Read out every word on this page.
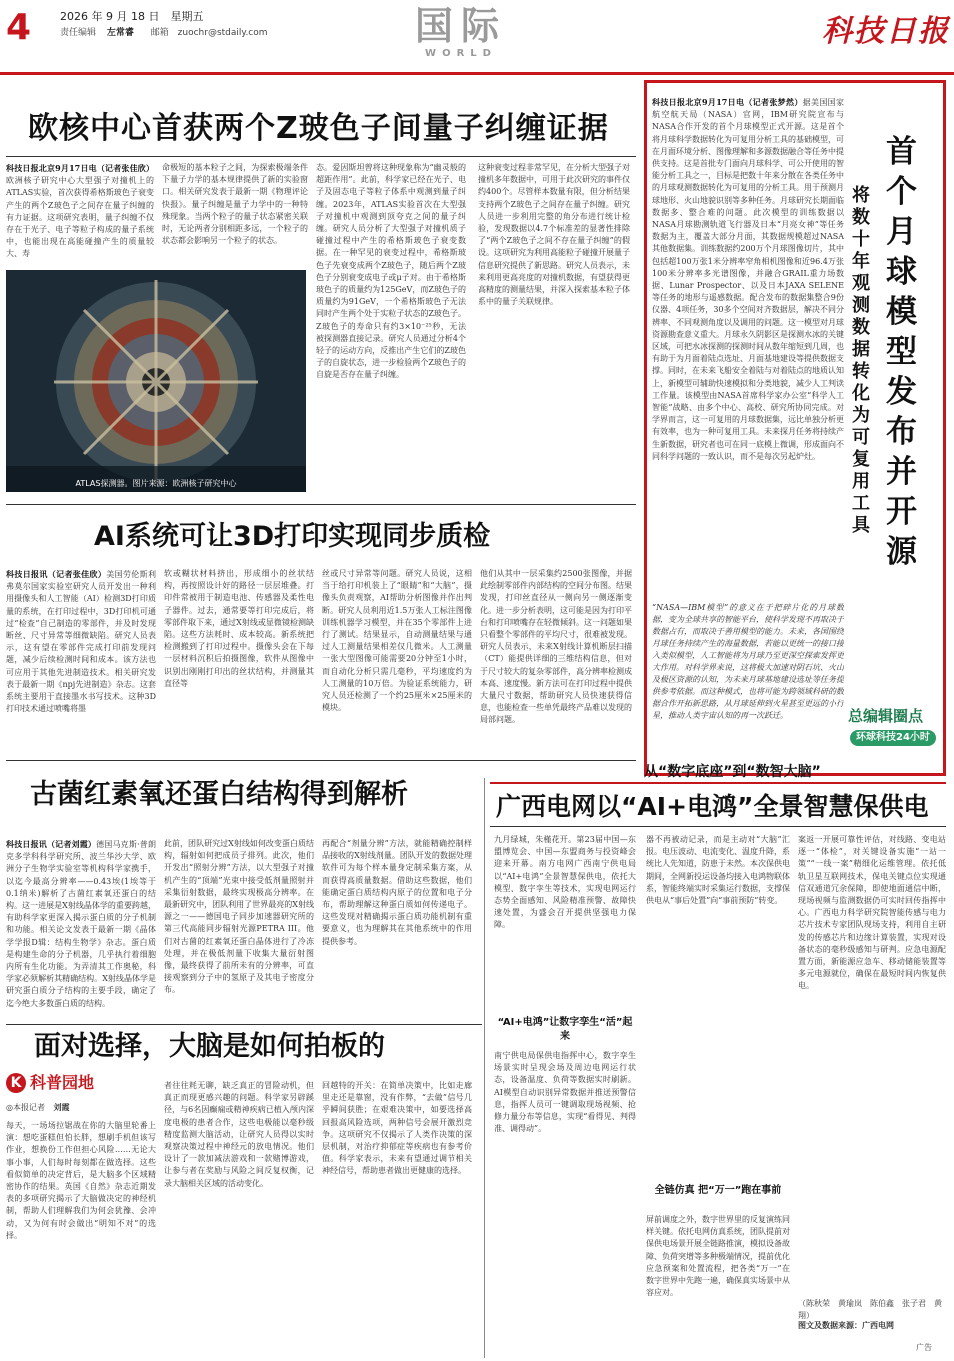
4	2026 年 9 月 18 日　星期五
责任编辑 左常睿 邮箱 zuochr@stdaily.com	国际
WORLD
科技日报
欧核中心首获两个Z玻色子间量子纠缠证据
科技日报北京9月17日电（记者张佳欣）欧洲核子研究中心大型强子对撞机上的ATLAS实验，首次获得希格斯玻色子衰变产生的两个Z玻色子之间存在量子纠缠的有力证据。这项研究表明，量子纠缠不仅存在于光子、电子等粒子构成的量子系统中，也能出现在高能碰撞产生的质量较大、寿
命极短的基本粒子之间，为探索极端条件下量子力学的基本规律提供了新的实验窗口。相关研究发表于最新一期《物理评论快报》。量子纠缠是量子力学中的一种特殊现象。当两个粒子的量子状态紧密关联时，无论两者分别相距多远，一个粒子的状态都会影响另一个粒子的状态。
ATLAS探测器。图片来源：欧洲核子研究中心
态。爱因斯坦曾将这种现象称为“幽灵般的超距作用”。此前，科学家已经在光子、电子及固态电子等粒子体系中观测到量子纠缠。2023年，ATLAS实验首次在大型强子对撞机中观测到顶夸克之间的量子纠缠。研究人员分析了大型强子对撞机质子碰撞过程中产生的希格斯玻色子衰变数据。在一种罕见的衰变过程中，希格斯玻色子先衰变成两个Z玻色子，随后两个Z玻色子分别衰变成电子或μ子对。由于希格斯玻色子的质量约为125GeV，而Z玻色子的质量约为91GeV，一个希格斯玻色子无法同时产生两个处于实粒子状态的Z玻色子。Z玻色子的寿命只有约3×10⁻²⁵秒，无法被探测器直接记录。研究人员通过分析4个轻子的运动方向，反推出产生它们的Z玻色子的自旋状态，进一步检验两个Z玻色子的自旋是否存在量子纠缠。
这种衰变过程非常罕见，在分析大型强子对撞机多年数据中，可用于此次研究的事件仅约400个。尽管样本数量有限，但分析结果支持两个Z玻色子之间存在量子纠缠。研究人员进一步利用完整的角分布进行统计检验，发现数据以4.7个标准差的显著性排除了“两个Z玻色子之间不存在量子纠缠”的假设。这项研究为利用高能粒子碰撞开展量子信息研究提供了新思路。研究人员表示，未来利用更高亮度的对撞机数据，有望获得更高精度的测量结果，并深入探索基本粒子体系中的量子关联规律。
AI系统可让3D打印实现同步质检
科技日报讯（记者张佳欣）美国劳伦斯利弗莫尔国家实验室研究人员开发出一种利用摄像头和人工智能（AI）检测3D打印质量的系统，在打印过程中，3D打印机可通过“检查”自己制造的零部件，并及时发现断丝、尺寸异常等细微缺陷。研究人员表示，这有望在零部件完成打印前发现问题，减少后续检测时间和成本。该方法也可应用于其他先进制造技术。相关研究发表于最新一期《npj先进制造》杂志。这套系统主要用于直接墨水书写技术。这种3D打印技术通过喷嘴将墨
软或糊状材料挤出，形成细小的丝状结构，再按照设计好的路径一层层堆叠。打印件常被用于制造电池、传感器及柔性电子器件。过去，通常要等打印完成后，将零部件取下来，通过X射线或显微镜检测缺陷。这些方法耗时、成本较高。新系统把检测搬到了打印过程中。摄像头会在下每一层材料沉积后拍摄图像，软件从图像中识别出刚刚打印出的丝状结构，并测量其直径等
丝或尺寸异常等问题。研究人员说，这相当于给打印机装上了“眼睛”和“大脑”，摄像头负责观察，AI帮助分析图像并作出判断。研究人员利用近1.5万张人工标注图像训练机器学习模型，并在35个零部件上进行了测试。结果显示，自动测量结果与通过人工测量结果相差仅几微米。人工测量一张大型图像可能需要20分钟至1小时，而自动化分析只需几毫秒，平均速度约为人工测量的10万倍。为验证系统能力，研究人员还检测了一个约25厘米×25厘米的模块。
他们从其中一层采集约2500张图像，并据此绘制零部件内部结构的空间分布图。结果发现，打印丝直径从一侧向另一侧逐渐变化。进一步分析表明，这可能是因为打印平台和打印喷嘴存在轻微倾斜。这一问题如果只看整个零部件的平均尺寸，很难被发现。研究人员表示，未来X射线计算机断层扫描（CT）能提供详细的三维结构信息，但对于尺寸较大的复杂零部件，高分辨率检测成本高、速度慢。新方法可在打印过程中提供大量尺寸数据，帮助研究人员快速获得信息，也能检查一些单凭最终产品难以发现的局部问题。
科技日报北京9月17日电（记者张梦然）据美国国家航空航天局（NASA）官网，IBM研究院宣布与NASA合作开发的首个月球模型正式开源。这是首个将月球科学数据转化为可复用分析工具的基础模型，可在月面环境分析、图像理解和多源数据融合等任务中提供支持。这是首批专门面向月球科学、可公开使用的智能分析工具之一，目标是把数十年来分散在各类任务中的月球观测数据转化为可复用的分析工具。用于预测月球地形、火山地貌识别等多种任务。月球研究长期面临数据多、整合难的问题。此次模型的训练数据以NASA月球勘测轨道飞行器及日本“月亮女神”等任务数据为主，覆盖大部分月面，其数据规模超过NASA其他数据集。训练数据约200万个月球图像切片，其中包括超100万张1米分辨率窄角相机图像和近96.4万张100米分辨率多光谱图像，并融合GRAIL重力场数据、Lunar Prospector、以及日本JAXA SELENE等任务的地形与遥感数据。配合发布的数据集整合9份仪器、4项任务，30多个空间对齐数据层，解决不同分辨率、不同观测角度以及调用的问题。这一模型对月球资源勘查意义重大。月球永久阴影区是探测水冰的关键区域，可把水冰探测的探测时间从数年缩短到几周，也有助于为月面着陆点选址、月面基地建设等提供数据支撑。同时，在未来飞船安全着陆与对着陆点的地质认知上，新模型可辅助快速模拟和分类地貌，减少人工判读工作量。该模型由NASA首席科学家办公室“科学人工智能”战略、由多个中心、高校、研究所协同完成。对学界而言，这一可复用的月球数据集，远比单独分析更有效率，也为一种可复用工具。未来探月任务将持续产生新数据，研究者也可在同一底模上微调，形成面向不同科学问题的一致认识，而不是每次另起炉灶。
首
个
月
球
模
型
发
布
并
开
源
将
数
十
年
观
测
数
据
转
化
为
可
复
用
工
具
“NASA—IBM模型”的意义在于把碎片化的月球数据，变为全球共享的智能平台，使科学发现不再取决于数据占有，而取决于善用模型的能力。未来，各国围绕月球任务持续产生的海量数据，若能以更统一的接口接入类似模型，人工智能将为月球乃至更深空探索发挥更大作用。对科学界来说，这将极大加速对阴石坑、火山及极区资源的认知，为未来月球基地建设选址等任务提供参考依据。而这种模式，也将可能为跨领域科研的数据合作开拓新思路，从月球延伸到火星甚至更远的小行星，推动人类宇宙认知的再一次跃迁。	总编辑圈点
环球科技24小时
古菌红素氧还蛋白结构得到解析
科技日报讯（记者刘霞）德国马克斯·普朗克多学科科学研究所、波兰华沙大学、欧洲分子生物学实验室等机构科学家携手，以迄今最高分辨率——0.43埃(1埃等于0.1纳米)解析了古菌红素氧还蛋白的结构。这一进展是X射线晶体学的重要跨越，有助科学家更深入揭示蛋白质的分子机制和功能。相关论文发表于最新一期《晶体学学报D辑：结构生物学》杂志。蛋白质是构建生命的分子机器，几乎执行着细胞内所有生化功能。为弄清其工作奥秘，科学家必须解析其精确结构。X射线晶体学是研究蛋白质分子结构的主要手段，确定了迄今绝大多数蛋白质的结构。
此前，团队研究过X射线如何改变蛋白质结构，辐射如何把成员子排列。此次，他们开发出“照射分辨”方法，以大型强子对撞机产生的“顶端”光束中接受低剂量照射并采集衍射数据，最终实现极高分辨率。在最新研究中，团队利用了世界最亮的X射线源之一——德国电子同步加速器研究所的第三代高能同步辐射光源PETRA III。他们对古菌的红素氧还蛋白晶体进行了冷冻处理，并在极低剂量下收集大量衍射图像，最终获得了前所未有的分辨率，可直接观察到分子中的氢原子及其电子密度分布。
再配合“剂量分辨”方法，就能精确控制样品接收的X射线剂量。团队开发的数据处理软件可为每个样本量身定制采集方案，从而获得高质量数据。借助这些数据，他们能确定蛋白质结构内原子的位置和电子分布，帮助理解这种蛋白质如何传递电子。这些发现对精确揭示蛋白质功能机制有重要意义，也为理解其在其他系统中的作用提供参考。
面对选择，大脑是如何拍板的
K 科普园地
◎本报记者 刘霞
每天，一场场拉锯战在你的大脑里轮番上演：想吃蛋糕但怕长胖，想刷手机但该写作业，想换份工作但担心风险……无论大事小事，人们每时每刻都在做选择。这些看似简单的决定背后，是大脑多个区域精密协作的结果。英国《自然》杂志近期发表的多项研究揭示了大脑做决定的神经机制，帮助人们理解我们为何会犹豫、会冲动，又为何有时会做出“明知不对”的选择。
者往往耗无聊，缺乏真正的冒险动机，但真正而现更感兴趣的问题。科学家另辟蹊径，与6名因癫痫或精神疾病已植入颅内深度电极的患者合作，这些电极能以毫秒级精度监测大脑活动，让研究人员得以实时观察决策过程中神经元的放电情况。他们设计了一款加减法游戏和一款赌博游戏，让参与者在奖励与风险之间反复权衡，记录大脑相关区域的活动变化。
回越特的开关：在简单决策中，比如走廊里走还是靠窗，没有作弊，“去做”信号几乎瞬间获胜；在艰难决策中，如要选择高回报高风险选项，两种信号会展开激烈竞争。这项研究不仅揭示了人类作决策的深层机制，对治疗抑郁症等疾病也有参考价值。科学家表示，未来有望通过调节相关神经信号，帮助患者做出更健康的选择。
从“数字底座”到“数智大脑”
广西电网以“AI+电鸿”全景智慧保供电
九月绿城，朱槿花开。第23届中国—东盟博览会、中国—东盟商务与投资峰会迎来开幕。南方电网广西南宁供电局以“AI+电鸿”全景智慧保供电，依托大模型、数字孪生等技术，实现电网运行态势全面感知、风险精准预警、故障快速处置，为盛会召开提供坚强电力保障。
“AI+电鸿”让数字孪生“活”起来
南宁供电局保供电指挥中心，数字孪生场景实时呈现会场及周边电网运行状态，设备温度、负荷等数据实时刷新。AI模型自动识别异常数据并推送预警信息，指挥人员可一键调取现场视频、抢修力量分布等信息，实现“看得见、判得准、调得动”。
器不再被动记录，而是主动对“大脑”汇报。电压波动、电流变化、温度升降，系统比人先知道，防患于未然。本次保供电期间，全网新投运设备均接入电鸿物联体系，智能终端实时采集运行数据，支撑保供电从“事后处置”向“事前预防”转变。
全链仿真 把“万一”跑在事前
屏前调度之外，数字世界里的反复演练同样关键。依托电网仿真系统，团队提前对保供电场景开展全链路推演，模拟设备故障、负荷突增等多种极端情况，提前优化应急预案和处置流程，把各类“万一”在数字世界中先跑一遍，确保真实场景中从容应对。
案返一开展可靠性评估，对线路、变电站逐一“体检”，对关键设备实施“一站一策”“一线一案”精细化运维管理。依托低轨卫星互联网技术，保电关键点位实现通信双通道冗余保障，即使地面通信中断，现场视频与监测数据仍可实时回传指挥中心。广西电力科学研究院智能传感与电力芯片技术专家团队现场支持，利用自主研发的传感芯片和边缘计算装置，实现对设备状态的毫秒级感知与研判。应急电源配置方面，新能源应急车、移动储能装置等多元电源就位，确保在最短时间内恢复供电。
（陈秋荣　黄瑜岚　陈伯鑫　张子君　黄翔）
图文及数据来源：广西电网
广告
